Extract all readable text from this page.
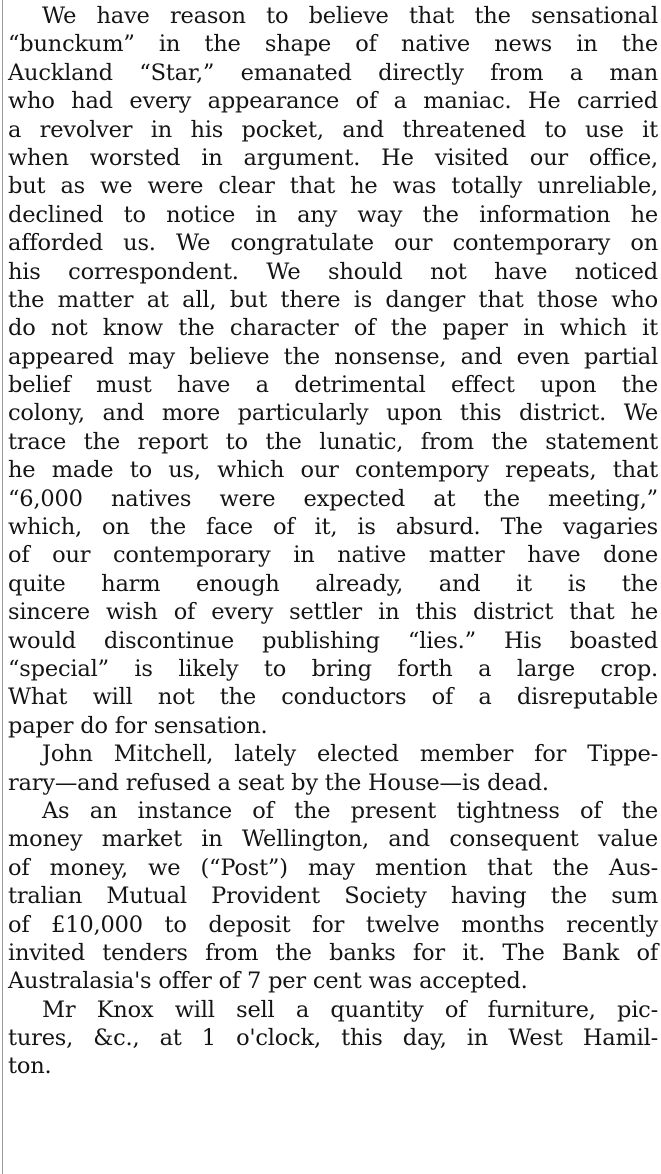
We have reason to believe that the sensational
“bunckum” in the shape of native news in the
Auckland “Star,” emanated directly from a man
who had every appearance of a maniac. He carried
a revolver in his pocket, and threatened to use it
when worsted in argument. He visited our office,
but as we were clear that he was totally unreliable,
declined to notice in any way the information he
afforded us. We congratulate our contemporary on
his correspondent. We should not have noticed
the matter at all, but there is danger that those who
do not know the character of the paper in which it
appeared may believe the nonsense, and even partial
belief must have a detrimental effect upon the
colony, and more particularly upon this district. We
trace the report to the lunatic, from the statement
he made to us, which our contempory repeats, that
“6,000 natives were expected at the meeting,”
which, on the face of it, is absurd. The vagaries
of our contemporary in native matter have done
quite harm enough already, and it is the
sincere wish of every settler in this district that he
would discontinue publishing “lies.” His boasted
“special” is likely to bring forth a large crop.
What will not the conductors of a disreputable
paper do for sensation.
John Mitchell, lately elected member for Tippe-
rary—and refused a seat by the House—is dead.
As an instance of the present tightness of the
money market in Wellington, and consequent value
of money, we (“Post”) may mention that the Aus-
tralian Mutual Provident Society having the sum
of £10,000 to deposit for twelve months recently
invited tenders from the banks for it. The Bank of
Australasia's offer of 7 per cent was accepted.
Mr Knox will sell a quantity of furniture, pic-
tures, &c., at 1 o'clock, this day, in West Hamil-
ton.
